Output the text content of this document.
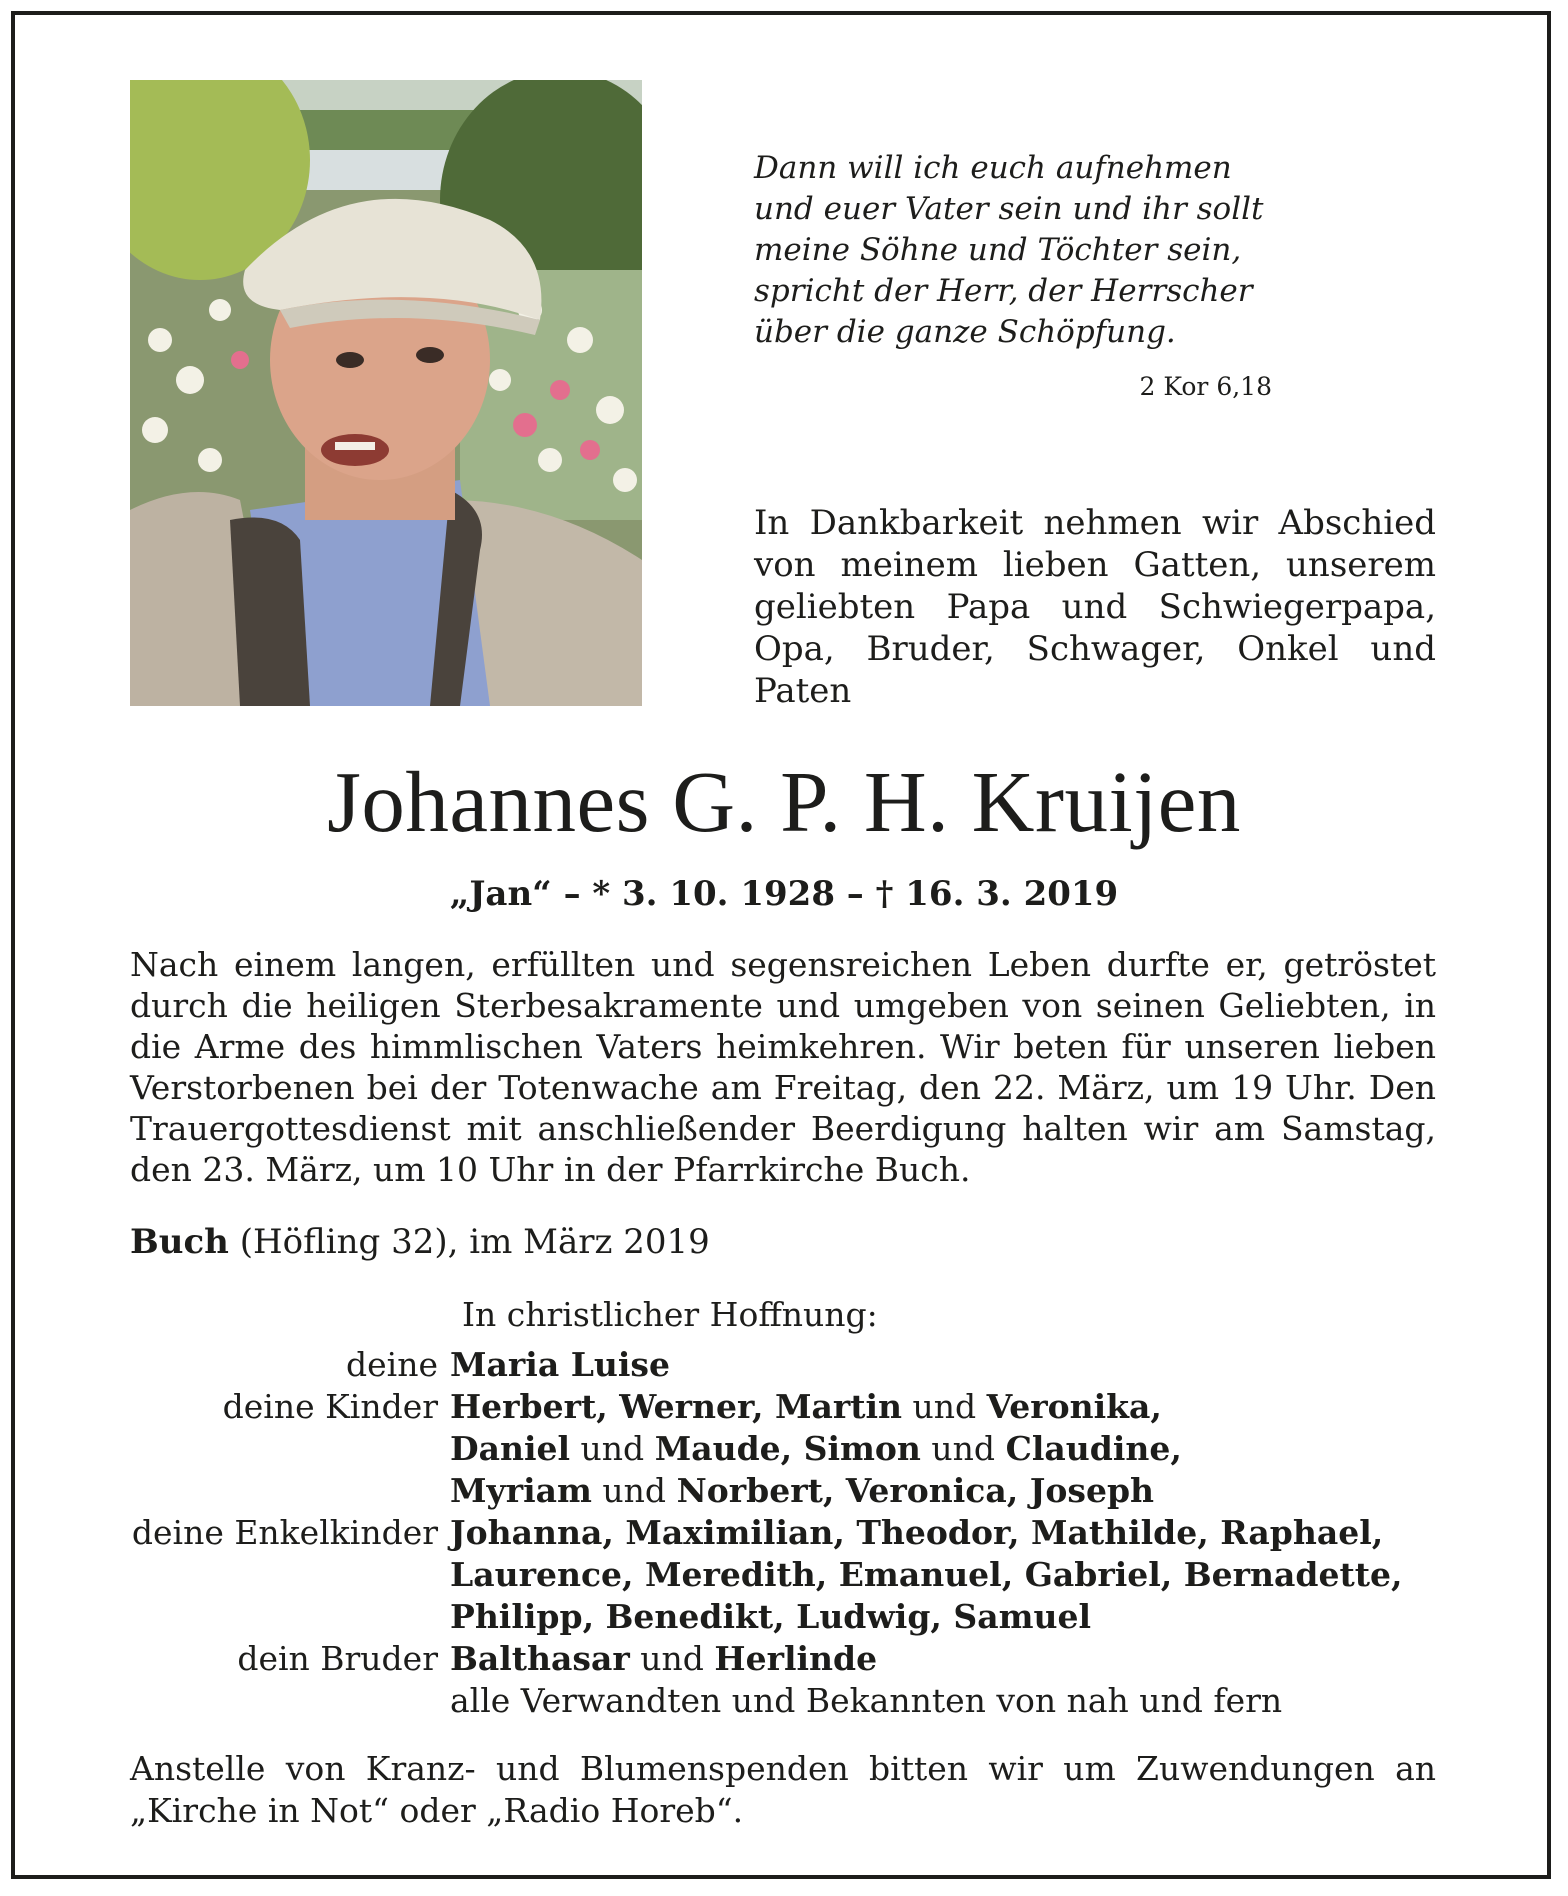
Dann will ich euch aufnehmen
und euer Vater sein und ihr sollt
meine Söhne und Töchter sein,
spricht der Herr, der Herrscher
über die ganze Schöpfung.
2 Kor 6,18
In Dankbarkeit nehmen wir Abschied von meinem lieben Gatten, unserem geliebten Papa und Schwiegerpapa, Opa, Bruder, Schwager, Onkel und Paten
Johannes G. P. H. Kruijen
„Jan“ – * 3. 10. 1928 – † 16. 3. 2019
Nach einem langen, erfüllten und segensreichen Leben durfte er, getröstet durch die heiligen Sterbesakramente und umgeben von seinen Geliebten, in die Arme des himmlischen Vaters heimkehren. Wir beten für unseren lieben Verstorbenen bei der Totenwache am Freitag, den 22. März, um 19 Uhr. Den Trauergottesdienst mit anschließender Beerdigung halten wir am Samstag, den 23. März, um 10 Uhr in der Pfarrkirche Buch.
Buch (Höfling 32), im März 2019
In christlicher Hoffnung:
deine Maria Luise
deine Kinder Herbert, Werner, Martin und Veronika,
Daniel und Maude, Simon und Claudine,
Myriam und Norbert, Veronica, Joseph
deine Enkelkinder Johanna, Maximilian, Theodor, Mathilde, Raphael,
Laurence, Meredith, Emanuel, Gabriel, Bernadette,
Philipp, Benedikt, Ludwig, Samuel
dein Bruder Balthasar und Herlinde
alle Verwandten und Bekannten von nah und fern
Anstelle von Kranz- und Blumenspenden bitten wir um Zuwendungen an „Kirche in Not“ oder „Radio Horeb“.
